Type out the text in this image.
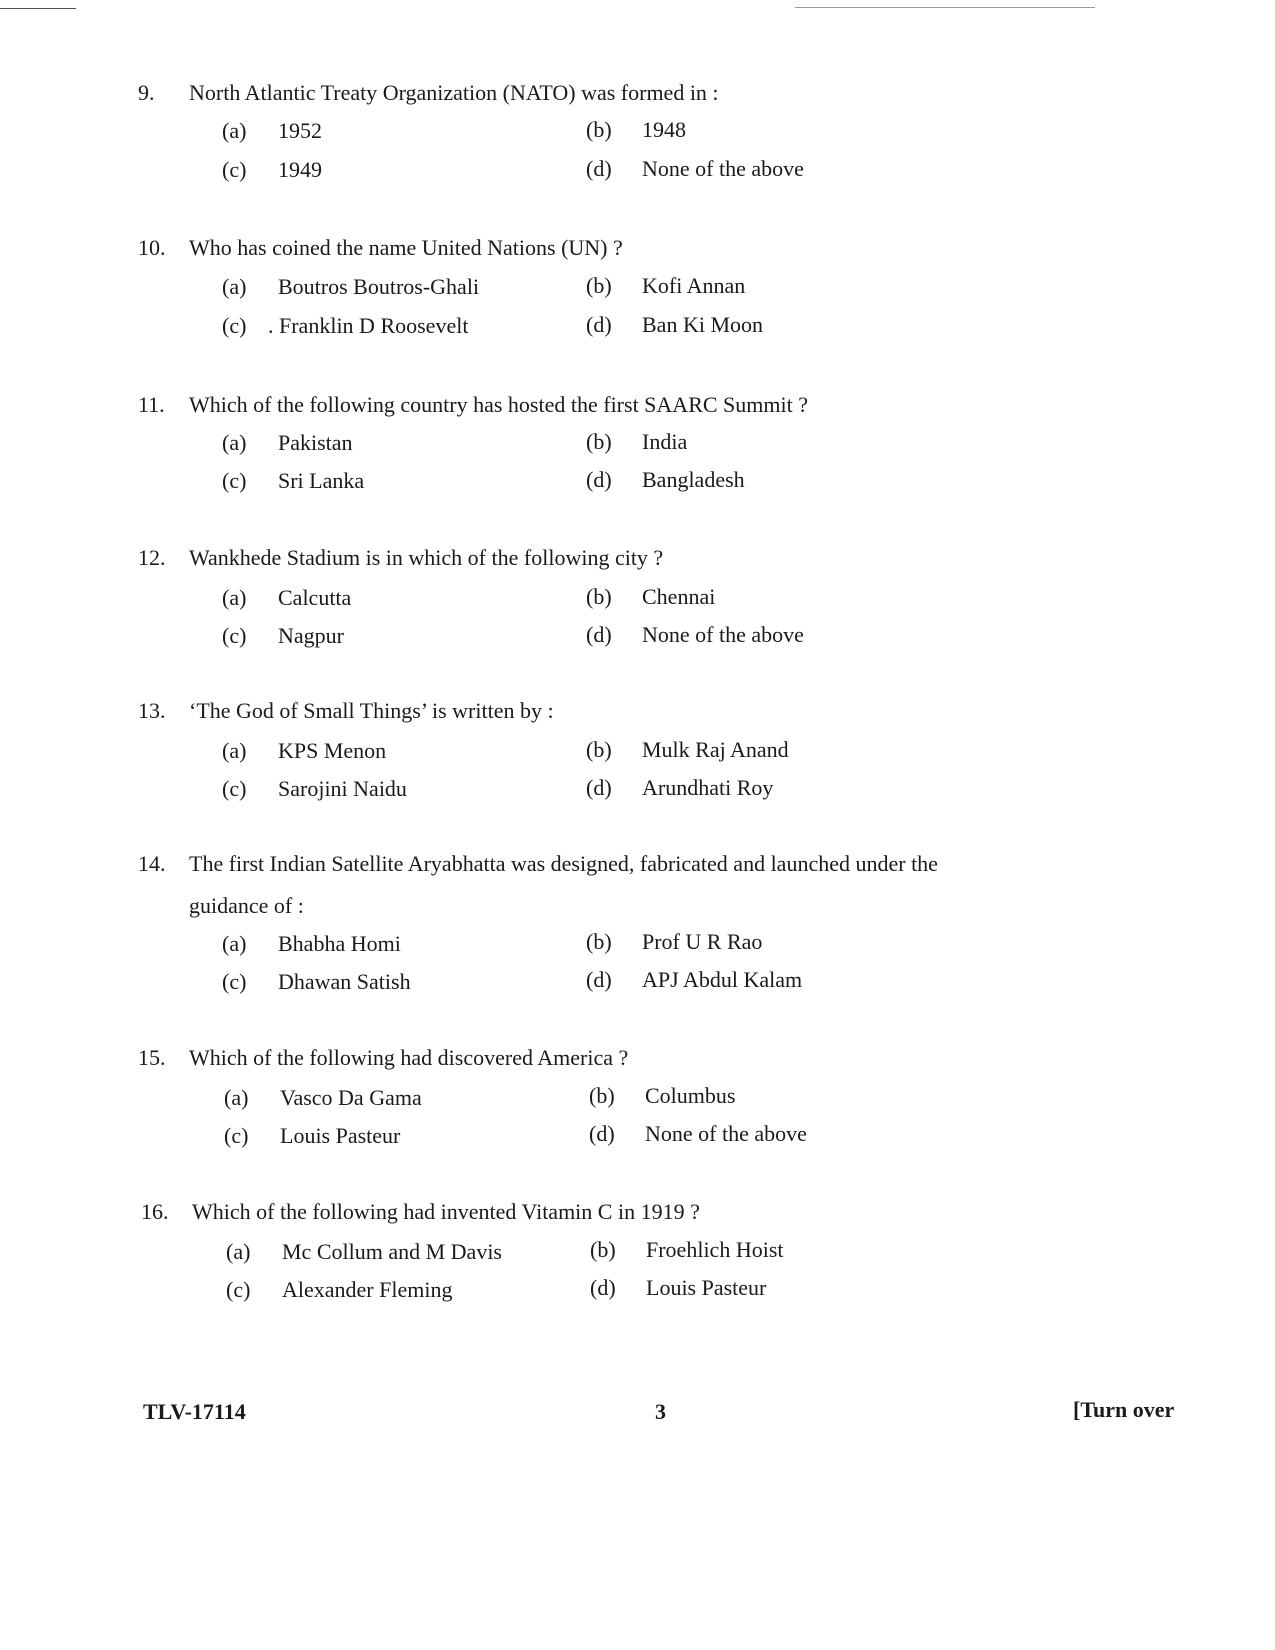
9. North Atlantic Treaty Organization (NATO) was formed in :
(a) 1952	(b) 1948
(c) 1949	(d) None of the above
10. Who has coined the name United Nations (UN) ?
(a) Boutros Boutros-Ghali	(b) Kofi Annan
(c) . Franklin D Roosevelt	(d) Ban Ki Moon
11. Which of the following country has hosted the first SAARC Summit ?
(a) Pakistan	(b) India
(c) Sri Lanka	(d) Bangladesh
12. Wankhede Stadium is in which of the following city ?
(a) Calcutta	(b) Chennai
(c) Nagpur	(d) None of the above
13. ‘The God of Small Things’ is written by :
(a) KPS Menon	(b) Mulk Raj Anand
(c) Sarojini Naidu	(d) Arundhati Roy
14. The first Indian Satellite Aryabhatta was designed, fabricated and launched under the guidance of :
(a) Bhabha Homi	(b) Prof U R Rao
(c) Dhawan Satish	(d) APJ Abdul Kalam
15. Which of the following had discovered America ?
(a) Vasco Da Gama	(b) Columbus
(c) Louis Pasteur	(d) None of the above
16. Which of the following had invented Vitamin C in 1919 ?
(a) Mc Collum and M Davis	(b) Froehlich Hoist
(c) Alexander Fleming	(d) Louis Pasteur
TLV-17114	3	[Turn over
